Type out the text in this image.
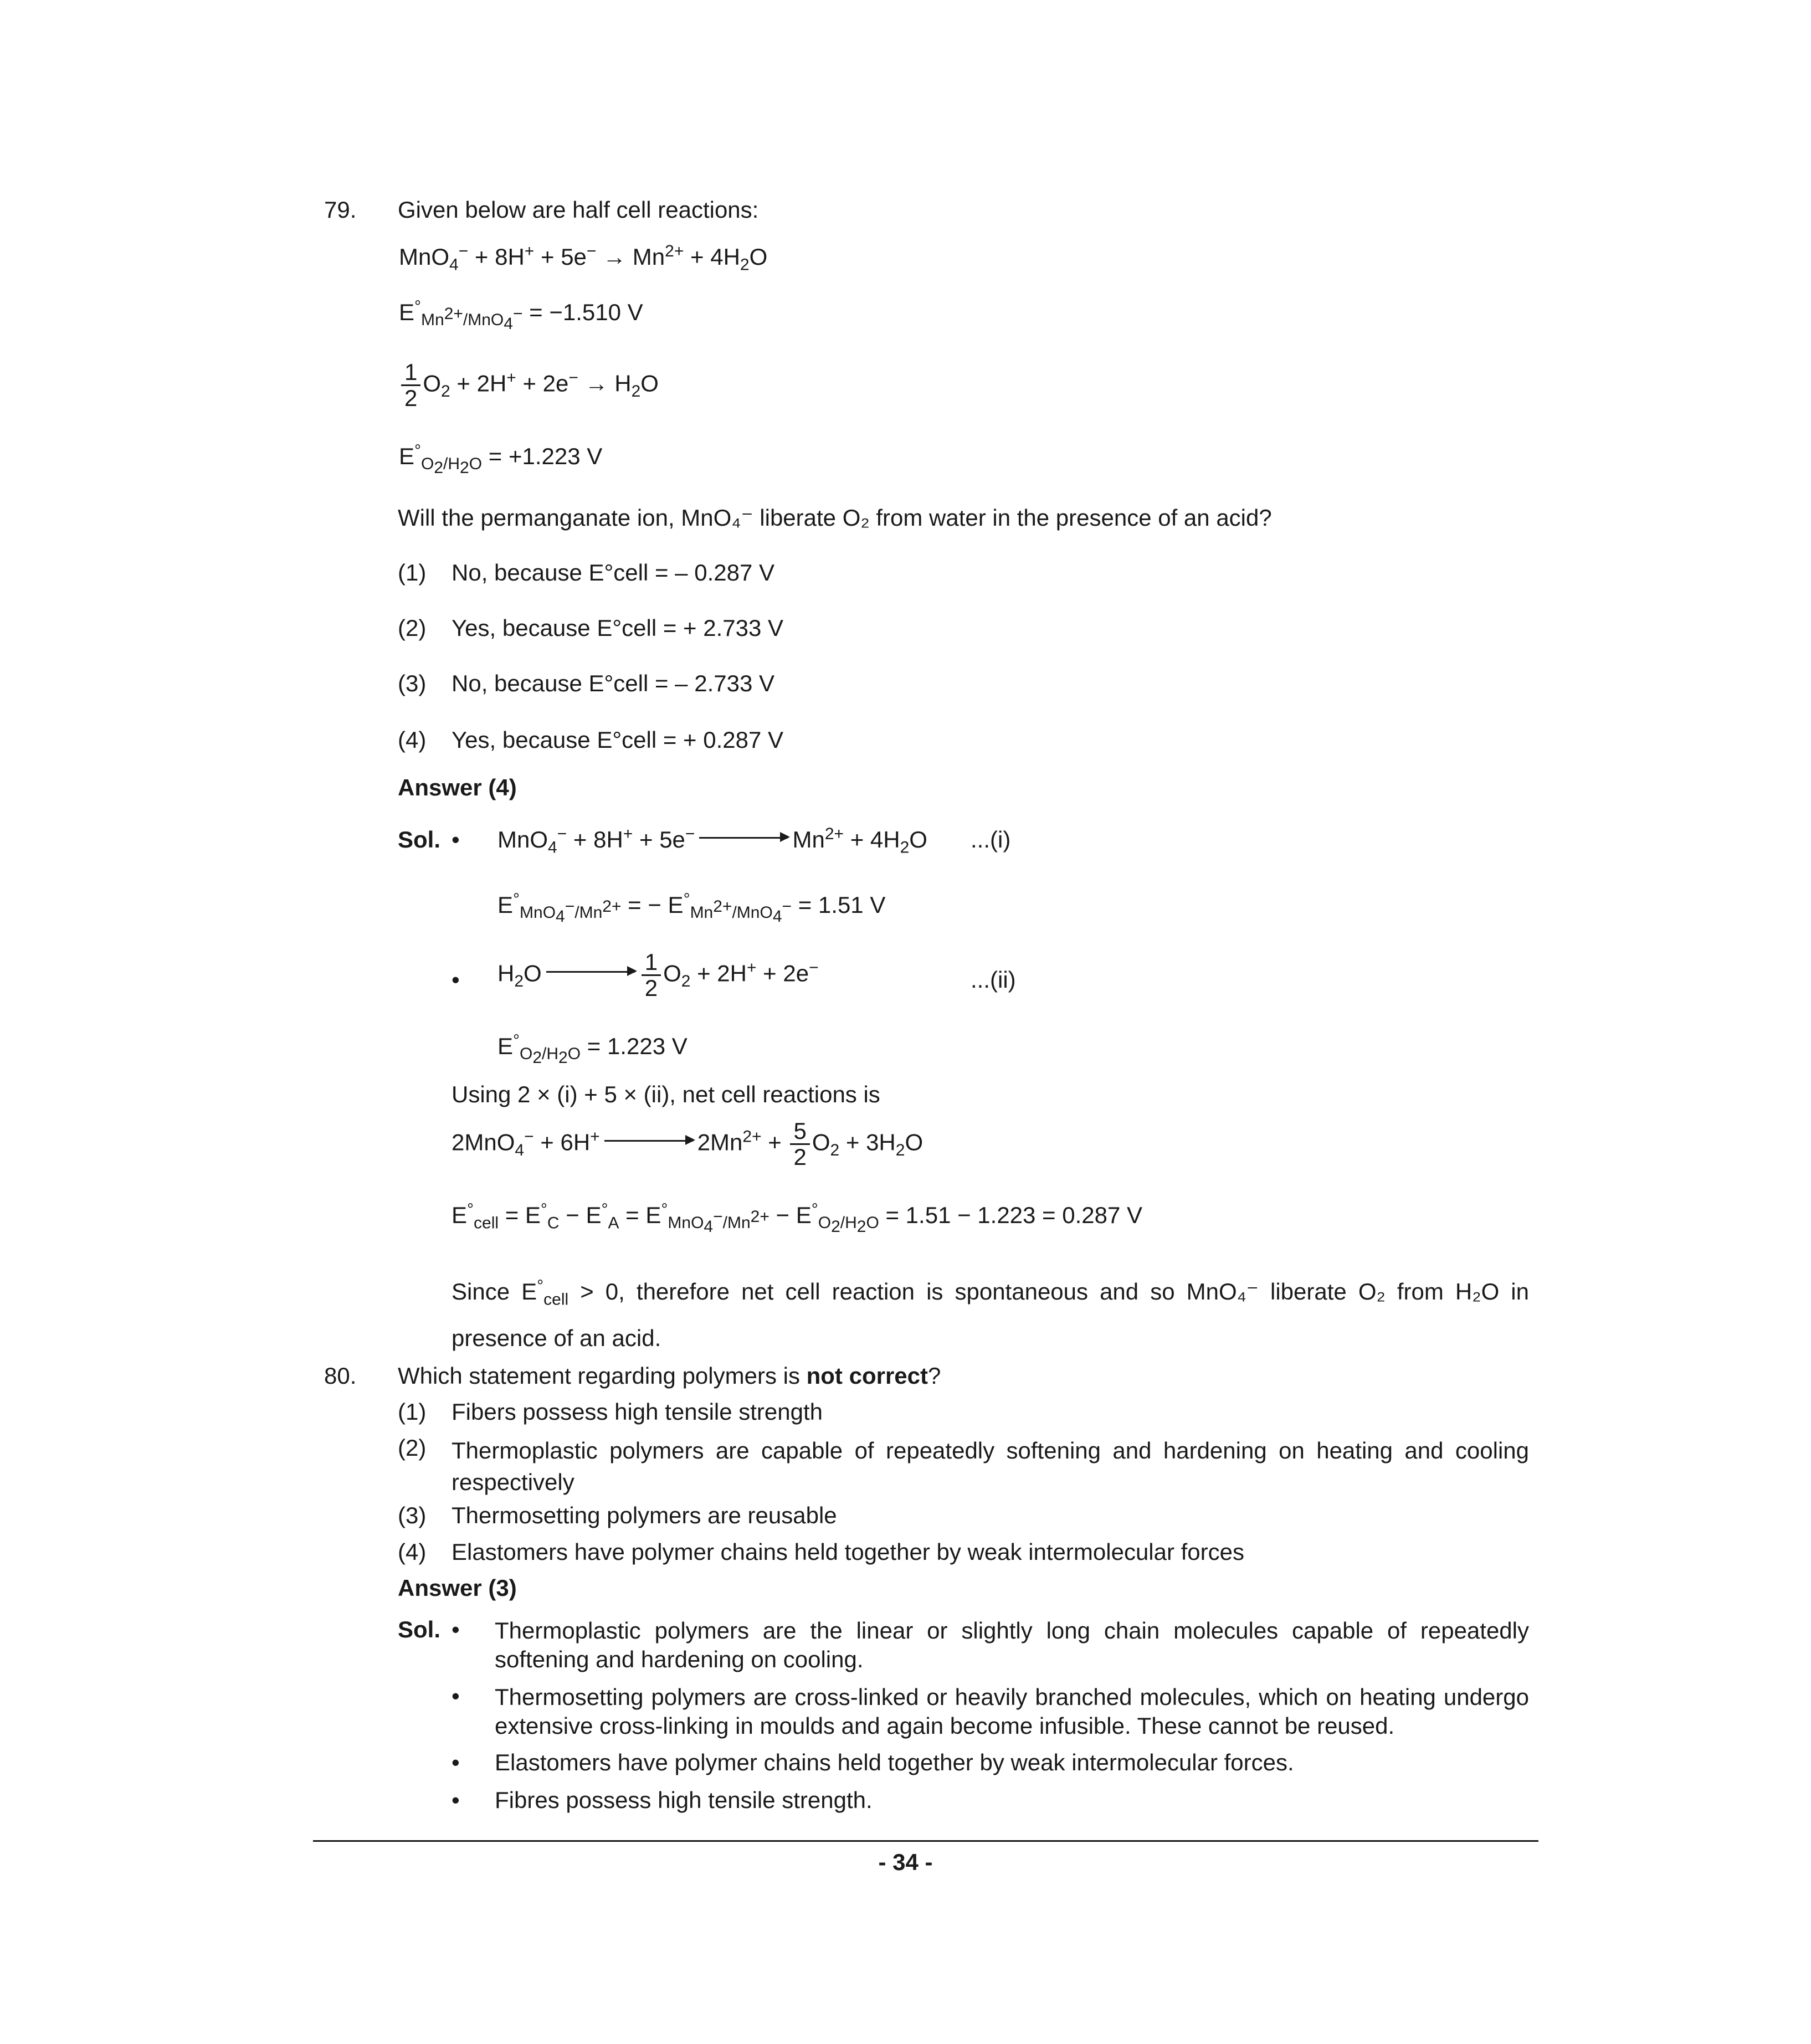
79. Given below are half cell reactions:
$MnO_4^- + 8H^+ + 5e^- \to Mn^{2+} + 4H_2O$
$E^\circ_{Mn^{2+}/MnO_4^-} = -1.510$ V
$\frac{1}{2} O_2 + 2H^+ + 2e^- \to H_2O$
$E^\circ_{O_2/H_2O} = +1.223$ V
Will the permanganate ion, MnO₄⁻ liberate O₂ from water in the presence of an acid?
(1) No, because E°cell = – 0.287 V
(2) Yes, because E°cell = + 2.733 V
(3) No, because E°cell = – 2.733 V
(4) Yes, because E°cell = + 0.287 V
Answer (4)
Sol. • MnO$_4$− + 8H+ + 5e−	$Mn^{2+} + 4H_2O$ ...(i)
$E^\circ_{MnO_4^-/Mn^{2+}}$ = − $E^\circ_{Mn^{2+}/MnO_4^-} = 1.51$ V
• $H_2O$	$\frac{1}{2} O_2 + 2H^+ + 2e^-$	...(ii)
$E^\circ_{O_2/H_2O} = 1.223$ V
Using 2 × (i) + 5 × (ii), net cell reactions is
2MnO$_4$− + 6H+	$2Mn^{2+} + \frac{5}{2} O_2 + 3H_2O$
$E^\circ_{cell} = E^\circ_C - E^\circ_A = E^\circ_{MnO_4^-/Mn^{2+}} - E^\circ_{O_2/H_2O} = 1.51 - 1.223 = 0.287$ V
Since $E^\circ_{cell} > 0$, therefore net cell reaction is spontaneous and so MnO₄⁻ liberate O₂ from H₂O in presence of an acid.
80. Which statement regarding polymers is not correct?
(1) Fibers possess high tensile strength
(2) Thermoplastic polymers are capable of repeatedly softening and hardening on heating and cooling respectively
(3) Thermosetting polymers are reusable
(4) Elastomers have polymer chains held together by weak intermolecular forces
Answer (3)
Sol. • Thermoplastic polymers are the linear or slightly long chain molecules capable of repeatedly softening and hardening on cooling.
• Thermosetting polymers are cross-linked or heavily branched molecules, which on heating undergo extensive cross-linking in moulds and again become infusible. These cannot be reused.
• Elastomers have polymer chains held together by weak intermolecular forces.
• Fibres possess high tensile strength.
- 34 -
